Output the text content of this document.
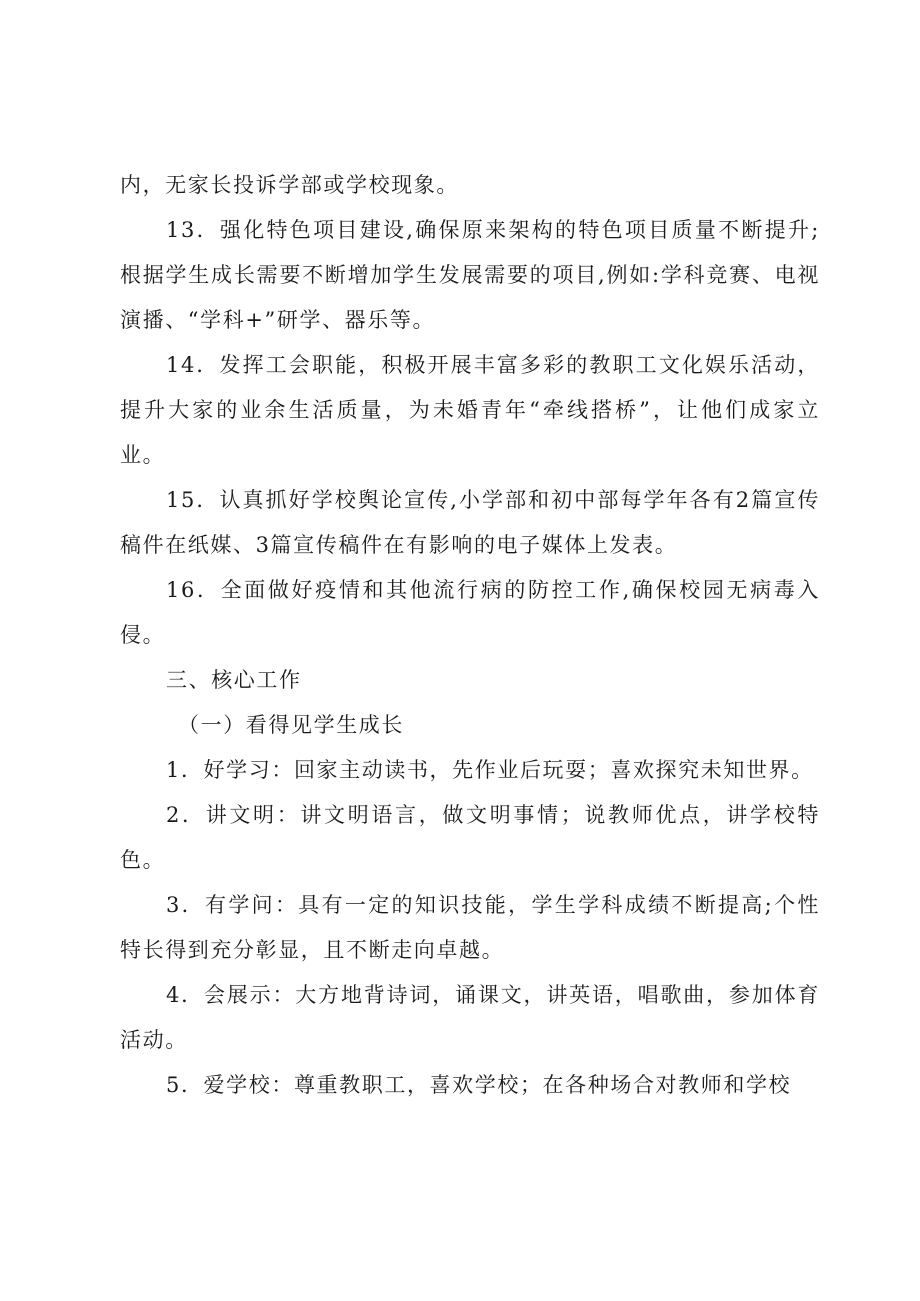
内，无家长投诉学部或学校现象。

13．强化特色项目建设,确保原来架构的特色项目质量不断提升;根据学生成长需要不断增加学生发展需要的项目,例如:学科竞赛、电视演播、“学科+”研学、器乐等。

14．发挥工会职能，积极开展丰富多彩的教职工文化娱乐活动，提升大家的业余生活质量，为未婚青年“牵线搭桥”，让他们成家立业。

15．认真抓好学校舆论宣传,小学部和初中部每学年各有2篇宣传稿件在纸媒、3篇宣传稿件在有影响的电子媒体上发表。

16．全面做好疫情和其他流行病的防控工作,确保校园无病毒入侵。

三、核心工作

（一）看得见学生成长

1．好学习：回家主动读书，先作业后玩耍；喜欢探究未知世界。

2．讲文明：讲文明语言，做文明事情；说教师优点，讲学校特色。

3．有学问：具有一定的知识技能，学生学科成绩不断提高;个性特长得到充分彰显，且不断走向卓越。

4．会展示：大方地背诗词，诵课文，讲英语，唱歌曲，参加体育活动。

5．爱学校：尊重教职工，喜欢学校；在各种场合对教师和学校
